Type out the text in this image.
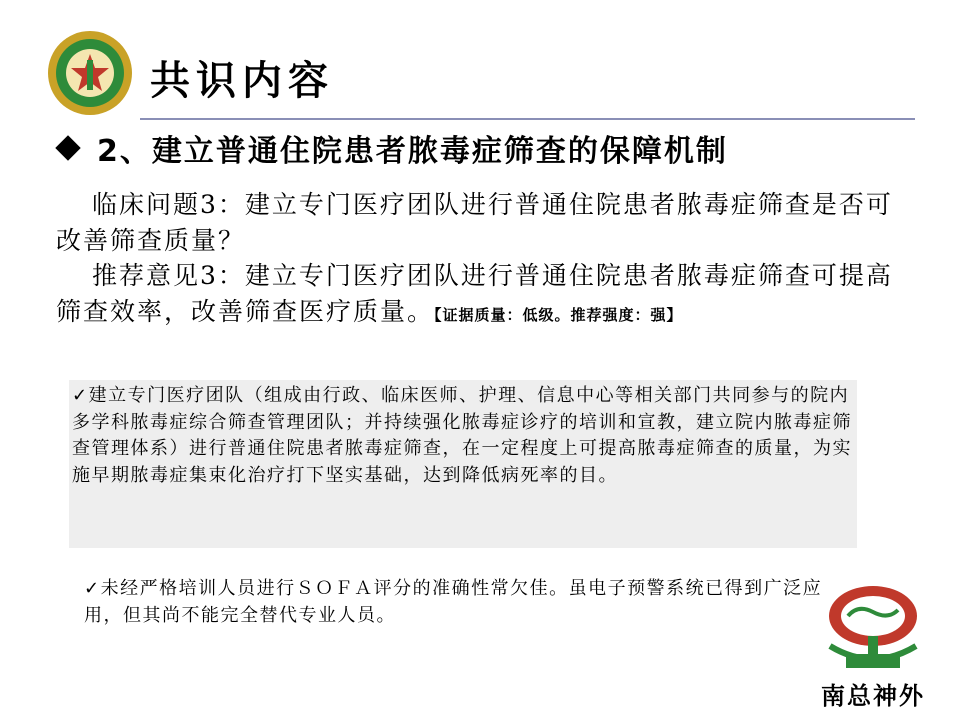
共识内容
2、建立普通住院患者脓毒症筛查的保障机制
临床问题3：建立专门医疗团队进行普通住院患者脓毒症筛查是否可改善筛查质量？
推荐意见3：建立专门医疗团队进行普通住院患者脓毒症筛查可提高筛查效率，改善筛查医疗质量。【证据质量：低级。推荐强度：强】
✓建立专门医疗团队（组成由行政、临床医师、护理、信息中心等相关部门共同参与的院内多学科脓毒症综合筛查管理团队；并持续强化脓毒症诊疗的培训和宣教，建立院内脓毒症筛查管理体系）进行普通住院患者脓毒症筛查，在一定程度上可提高脓毒症筛查的质量，为实施早期脓毒症集束化治疗打下坚实基础，达到降低病死率的目。
✓未经严格培训人员进行ＳＯＦＡ评分的准确性常欠佳。虽电子预警系统已得到广泛应用，但其尚不能完全替代专业人员。
南总神外
